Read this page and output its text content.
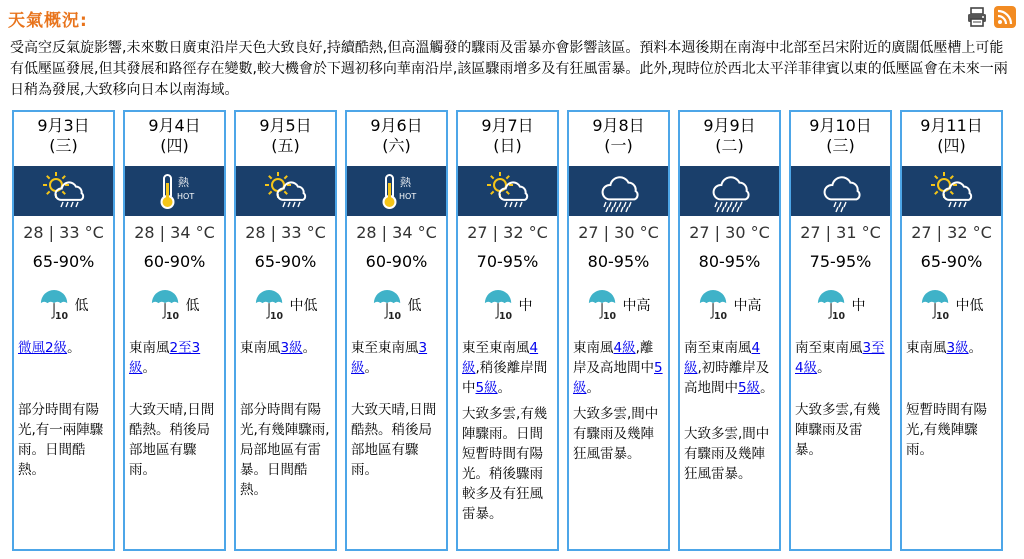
天氣概況:
受高空反氣旋影響,未來數日廣東沿岸天色大致良好,持續酷熱,但高溫觸發的驟雨及雷暴亦會影響該區。預料本週後期在南海中北部至呂宋附近的廣闊低壓槽上可能有低壓區發展,但其發展和路徑存在變數,較大機會於下週初移向華南沿岸,該區驟雨增多及有狂風雷暴。此外,現時位於西北太平洋菲律賓以東的低壓區會在未來一兩日稍為發展,大致移向日本以南海域。
9月3日
(三)
28 | 33 °C
65-90%
10
低
微風2級。
部分時間有陽光,有一兩陣驟雨。日間酷熱。
9月4日
(四)
熱
HOT
28 | 34 °C
60-90%
10
低
東南風2至3級。
大致天晴,日間酷熱。稍後局部地區有驟雨。
9月5日
(五)
28 | 33 °C
65-90%
10
中低
東南風3級。
部分時間有陽光,有幾陣驟雨,局部地區有雷暴。日間酷熱。
9月6日
(六)
熱
HOT
28 | 34 °C
60-90%
10
低
東至東南風3級。
大致天晴,日間酷熱。稍後局部地區有驟雨。
9月7日
(日)
27 | 32 °C
70-95%
10
中
東至東南風4級,稍後離岸間中5級。
大致多雲,有幾陣驟雨。日間短暫時間有陽光。稍後驟雨較多及有狂風雷暴。
9月8日
(一)
27 | 30 °C
80-95%
10
中高
東南風4級,離岸及高地間中5級。
大致多雲,間中有驟雨及幾陣狂風雷暴。
9月9日
(二)
27 | 30 °C
80-95%
10
中高
南至東南風4級,初時離岸及高地間中5級。
大致多雲,間中有驟雨及幾陣狂風雷暴。
9月10日
(三)
27 | 31 °C
75-95%
10
中
南至東南風3至4級。
大致多雲,有幾陣驟雨及雷暴。
9月11日
(四)
27 | 32 °C
65-90%
10
中低
東南風3級。
短暫時間有陽光,有幾陣驟雨。
